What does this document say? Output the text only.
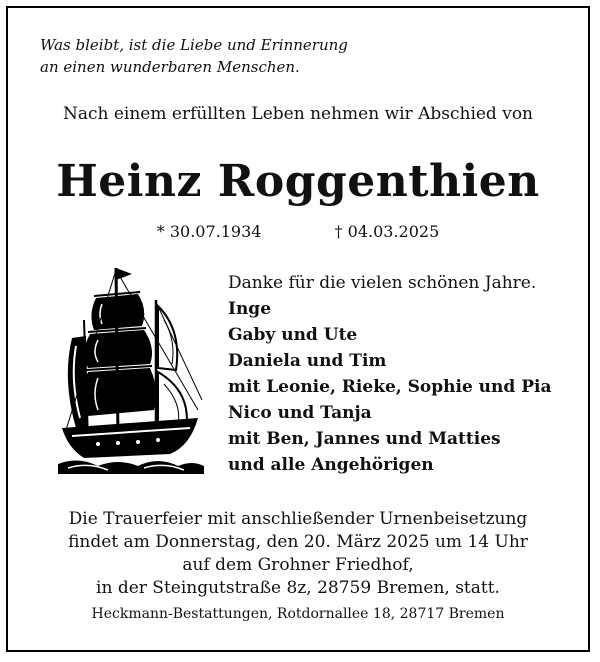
Was bleibt, ist die Liebe und Erinnerung
an einen wunderbaren Menschen.
Nach einem erfüllten Leben nehmen wir Abschied von
Heinz Roggenthien
* 30.07.1934	† 04.03.2025
Danke für die vielen schönen Jahre.
Inge
Gaby und Ute
Daniela und Tim
mit Leonie, Rieke, Sophie und Pia
Nico und Tanja
mit Ben, Jannes und Matties
und alle Angehörigen
Die Trauerfeier mit anschließender Urnenbeisetzung
findet am Donnerstag, den 20. März 2025 um 14 Uhr
auf dem Grohner Friedhof,
in der Steingutstraße 8z, 28759 Bremen, statt.
Heckmann-Bestattungen, Rotdornallee 18, 28717 Bremen
